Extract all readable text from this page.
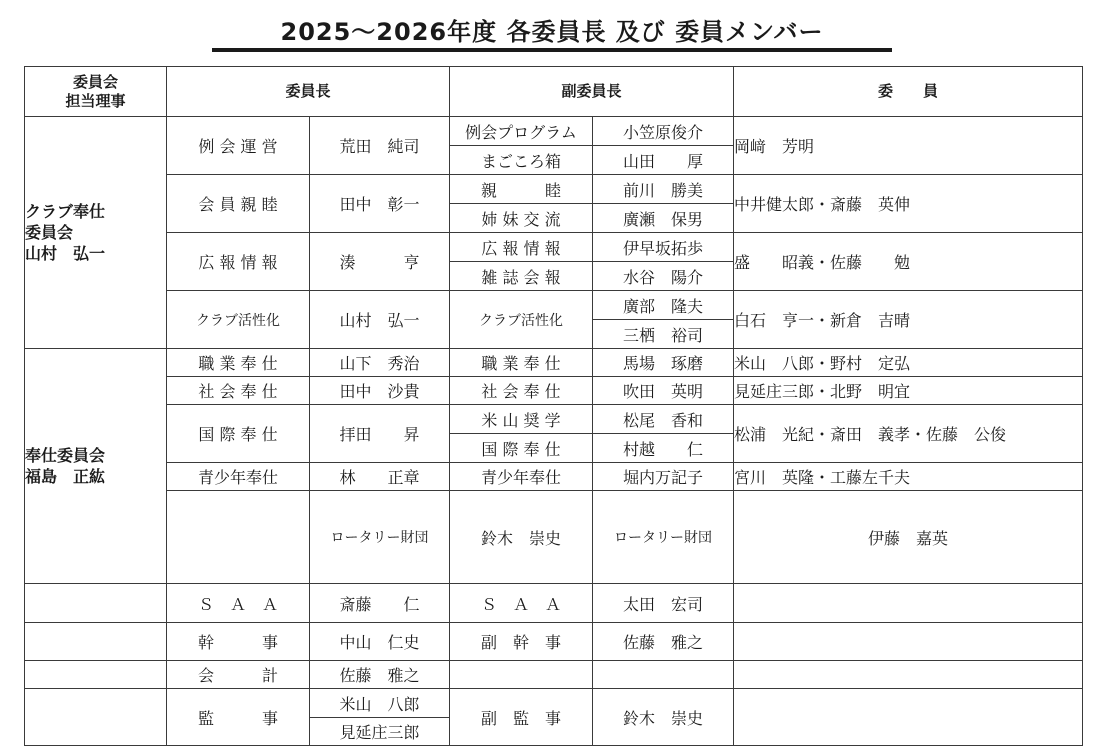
2025～2026年度 各委員長 及び 委員メンバー
委員会
担当理事	委員長		副委員長		委　　員	
クラブ奉仕
委員会
山村　弘一	例 会 運 営	荒田　純司	例会プログラム	小笠原俊介	岡﨑　芳明	
			まごころ箱	山田　　厚		
	会 員 親 睦	田中　彰一	親　　　睦	前川　勝美	中井健太郎・斎藤　英伸	
			姉 妹 交 流	廣瀬　保男		
	広 報 情 報	湊　　　亨	広 報 情 報	伊早坂拓歩	盛　　昭義・佐藤　　勉	
			雑 誌 会 報	水谷　陽介		
	クラブ活性化	山村　弘一	クラブ活性化	廣部　隆夫	白石　亨一・新倉　吉晴	
				三栖　裕司		
奉仕委員会
福島　正紘	職 業 奉 仕	山下　秀治	職 業 奉 仕	馬場　琢磨	米山　八郎・野村　定弘	
	社 会 奉 仕	田中　沙貴	社 会 奉 仕	吹田　英明	見延庄三郎・北野　明宜	
	国 際 奉 仕	拝田　　昇	米 山 奨 学	松尾　香和	松浦　光紀・斎田　義孝・佐藤　公俊	
			国 際 奉 仕	村越　　仁		
	青少年奉仕	林　　正章	青少年奉仕	堀内万記子	宮川　英隆・工藤左千夫	
		ロータリー財団	鈴木　崇史	ロータリー財団	伊藤　嘉英	
	Ｓ　Ａ　Ａ	斎藤　　仁	Ｓ　Ａ　Ａ	太田　宏司		
	幹　　　事	中山　仁史	副　幹　事	佐藤　雅之		
	会　　　計	佐藤　雅之				
	監　　　事	米山　八郎	副　監　事	鈴木　崇史		
		見延庄三郎				
